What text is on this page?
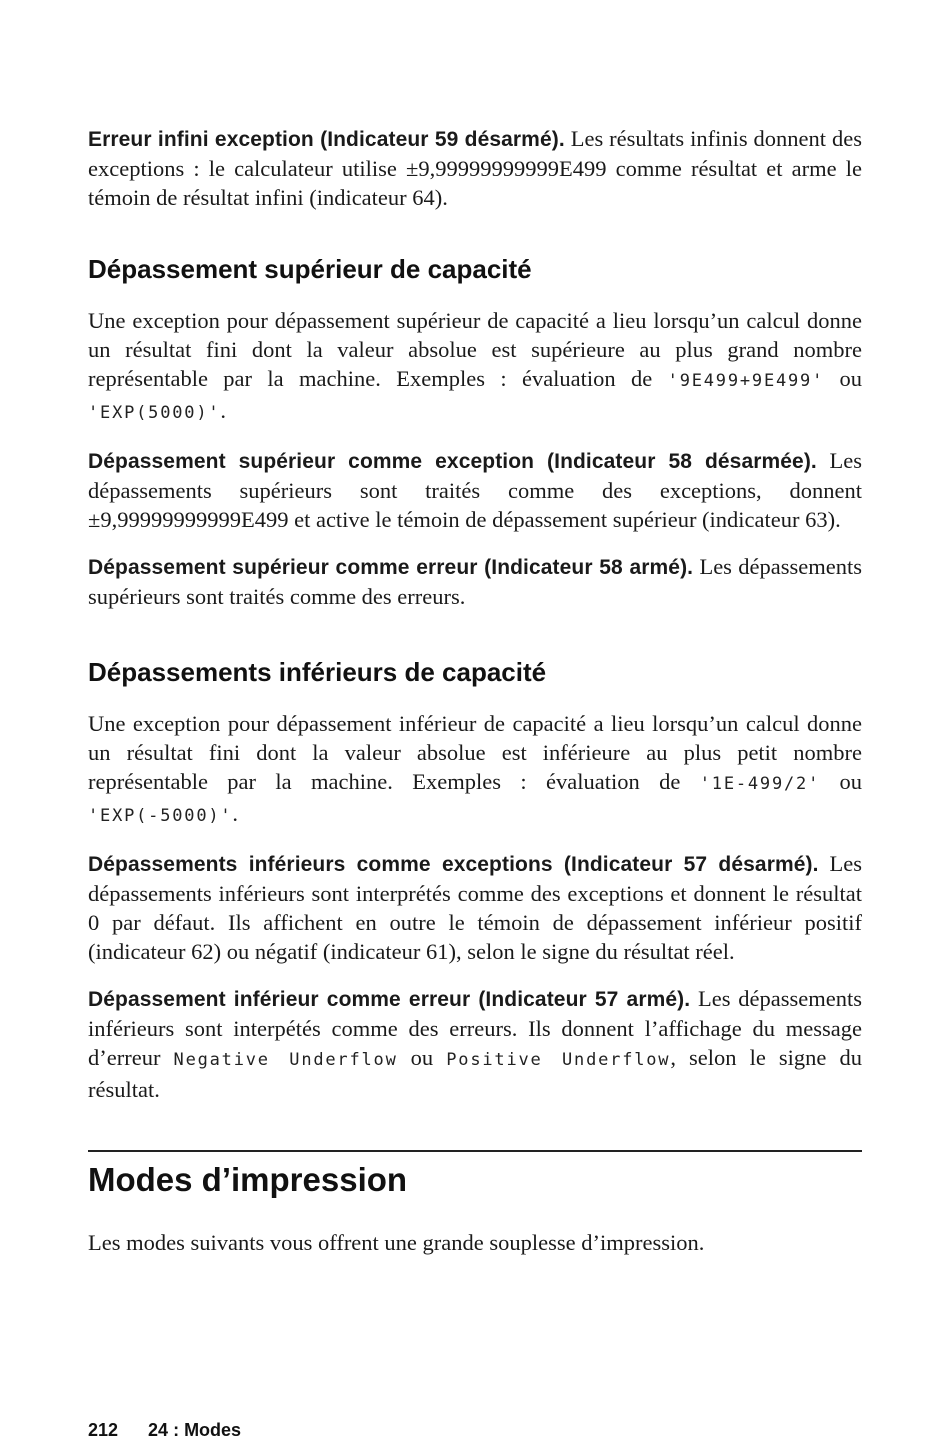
Erreur infini exception (Indicateur 59 désarmé). Les résultats infinis donnent des exceptions : le calculateur utilise ±9,99999999999E499 comme résultat et arme le témoin de résultat infini (indicateur 64).

Dépassement supérieur de capacité

Une exception pour dépassement supérieur de capacité a lieu lorsqu’un calcul donne un résultat fini dont la valeur absolue est supérieure au plus grand nombre représentable par la machine. Exemples : évaluation de '9E499+9E499' ou 'EXP(5000)'.

Dépassement supérieur comme exception (Indicateur 58 désarmée). Les dépassements supérieurs sont traités comme des exceptions, donnent ±9,99999999999E499 et active le témoin de dépassement supérieur (indicateur 63).

Dépassement supérieur comme erreur (Indicateur 58 armé). Les dépassements supérieurs sont traités comme des erreurs.

Dépassements inférieurs de capacité

Une exception pour dépassement inférieur de capacité a lieu lorsqu’un calcul donne un résultat fini dont la valeur absolue est inférieure au plus petit nombre représentable par la machine. Exemples : évaluation de '1E-499/2' ou 'EXP(-5000)'.

Dépassements inférieurs comme exceptions (Indicateur 57 désarmé). Les dépassements inférieurs sont interprétés comme des exceptions et donnent le résultat 0 par défaut. Ils affichent en outre le témoin de dépassement inférieur positif (indicateur 62) ou négatif (indicateur 61), selon le signe du résultat réel.

Dépassement inférieur comme erreur (Indicateur 57 armé). Les dépassements inférieurs sont interpétés comme des erreurs. Ils donnent l’affichage du message d’erreur Negative Underflow ou Positive Underflow, selon le signe du résultat.

Modes d’impression

Les modes suivants vous offrent une grande souplesse d’impression.

212 24 : Modes
